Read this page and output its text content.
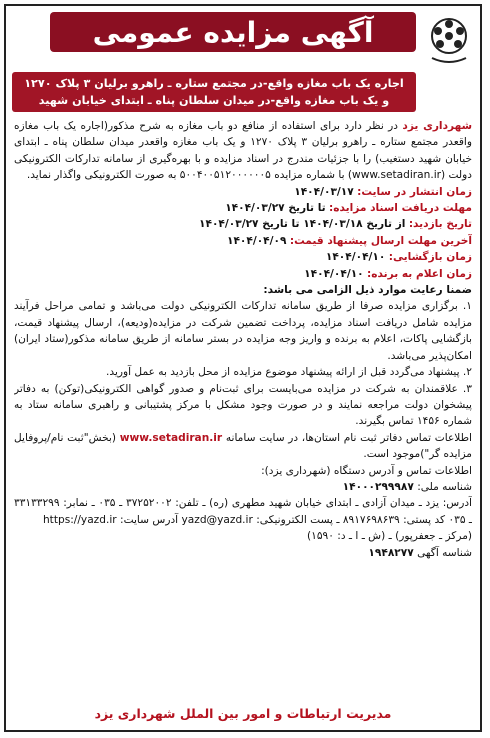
آگهی مزایده عمومی
اجاره یک باب مغازه واقع-در مجتمع ستاره ـ راهرو برلیان ۳ پلاک ۱۲۷۰
و یک باب مغازه واقع-در میدان سلطان پناه ـ ابتدای خیابان شهید

شهرداری یزد در نظر دارد برای استفاده از منافع دو باب مغازه به شرح مذکور(اجاره یک باب مغازه واقعدر مجتمع ستاره ـ راهرو برلیان ۳ پلاک ۱۲۷۰ و یک باب مغازه واقعدر میدان سلطان پناه ـ ابتدای خیابان شهید دستغیب) را با جزئیات مندرج در اسناد مزایده و با بهره‌گیری از سامانه تدارکات الکترونیکی دولت (www.setadiran.ir) با شماره مزایده ۵۰۰۴۰۰۵۱۲۰۰۰۰۰۰۵ به صورت الکترونیکی واگذار نماید.

زمان انتشار در سایت: ۱۴۰۴/۰۳/۱۷
مهلت دریافت اسناد مزایده: تا تاریخ ۱۴۰۴/۰۳/۲۷
تاریخ بازدید: از تاریخ ۱۴۰۴/۰۳/۱۸ تا تاریخ ۱۴۰۴/۰۳/۲۷
آخرین مهلت ارسال پیشنهاد قیمت: ۱۴۰۴/۰۴/۰۹
زمان بازگشایی: ۱۴۰۴/۰۴/۱۰
زمان اعلام به برنده: ۱۴۰۴/۰۴/۱۰

ضمنا رعایت موارد ذیل الزامی می باشد:

۱. برگزاری مزایده صرفا از طریق سامانه تدارکات الکترونیکی دولت می‌باشد و تمامی مراحل فرآیند مزایده شامل دریافت اسناد مزایده، پرداخت تضمین شرکت در مزایده(ودیعه)، ارسال پیشنهاد قیمت، بازگشایی پاکات، اعلام به برنده و واریز وجه مزایده در بستر سامانه از طریق سامانه مذکور(ستاد ایران) امکان‌پذیر می‌باشد.

۲. پیشنهاد می‌گردد قبل از ارائه پیشنهاد موضوع مزایده از محل بازدید به عمل آورید.

۳. علاقمندان به شرکت در مزایده می‌بایست برای ثبت‌نام و صدور گواهی الکترونیکی(توکن) به دفاتر پیشخوان دولت مراجعه نمایند و در صورت وجود مشکل با مرکز پشتیبانی و راهبری سامانه ستاد به شماره ۱۴۵۶ تماس بگیرند.

اطلاعات تماس دفاتر ثبت نام استان‌ها، در سایت سامانه www.setadiran.ir (بخش"ثبت نام/پروفایل مزایده گر")موجود است.

اطلاعات تماس و آدرس دستگاه (شهرداری یزد):

شناسه ملی: ۱۴۰۰۰۲۹۹۹۸۷

آدرس: یزد ـ میدان آزادی ـ ابتدای خیابان شهید مطهری (ره) ـ تلفن: ۳۷۲۵۲۰۰۲ ـ ۰۳۵ ـ نمابر: ۳۳۱۳۳۲۹۹ ـ ۰۳۵ کد پستی: ۸۹۱۷۶۹۸۶۳۹ ـ پست الکترونیکی: yazd@yazd.ir آدرس سایت: https://yazd.ir

(مرکز ـ جعفرپور) ـ (ش ـ ا ـ د: ۱۵۹۰)

شناسه آگهی ۱۹۴۸۲۷۷

مدیریت ارتباطات و امور بین الملل شهرداری یزد
